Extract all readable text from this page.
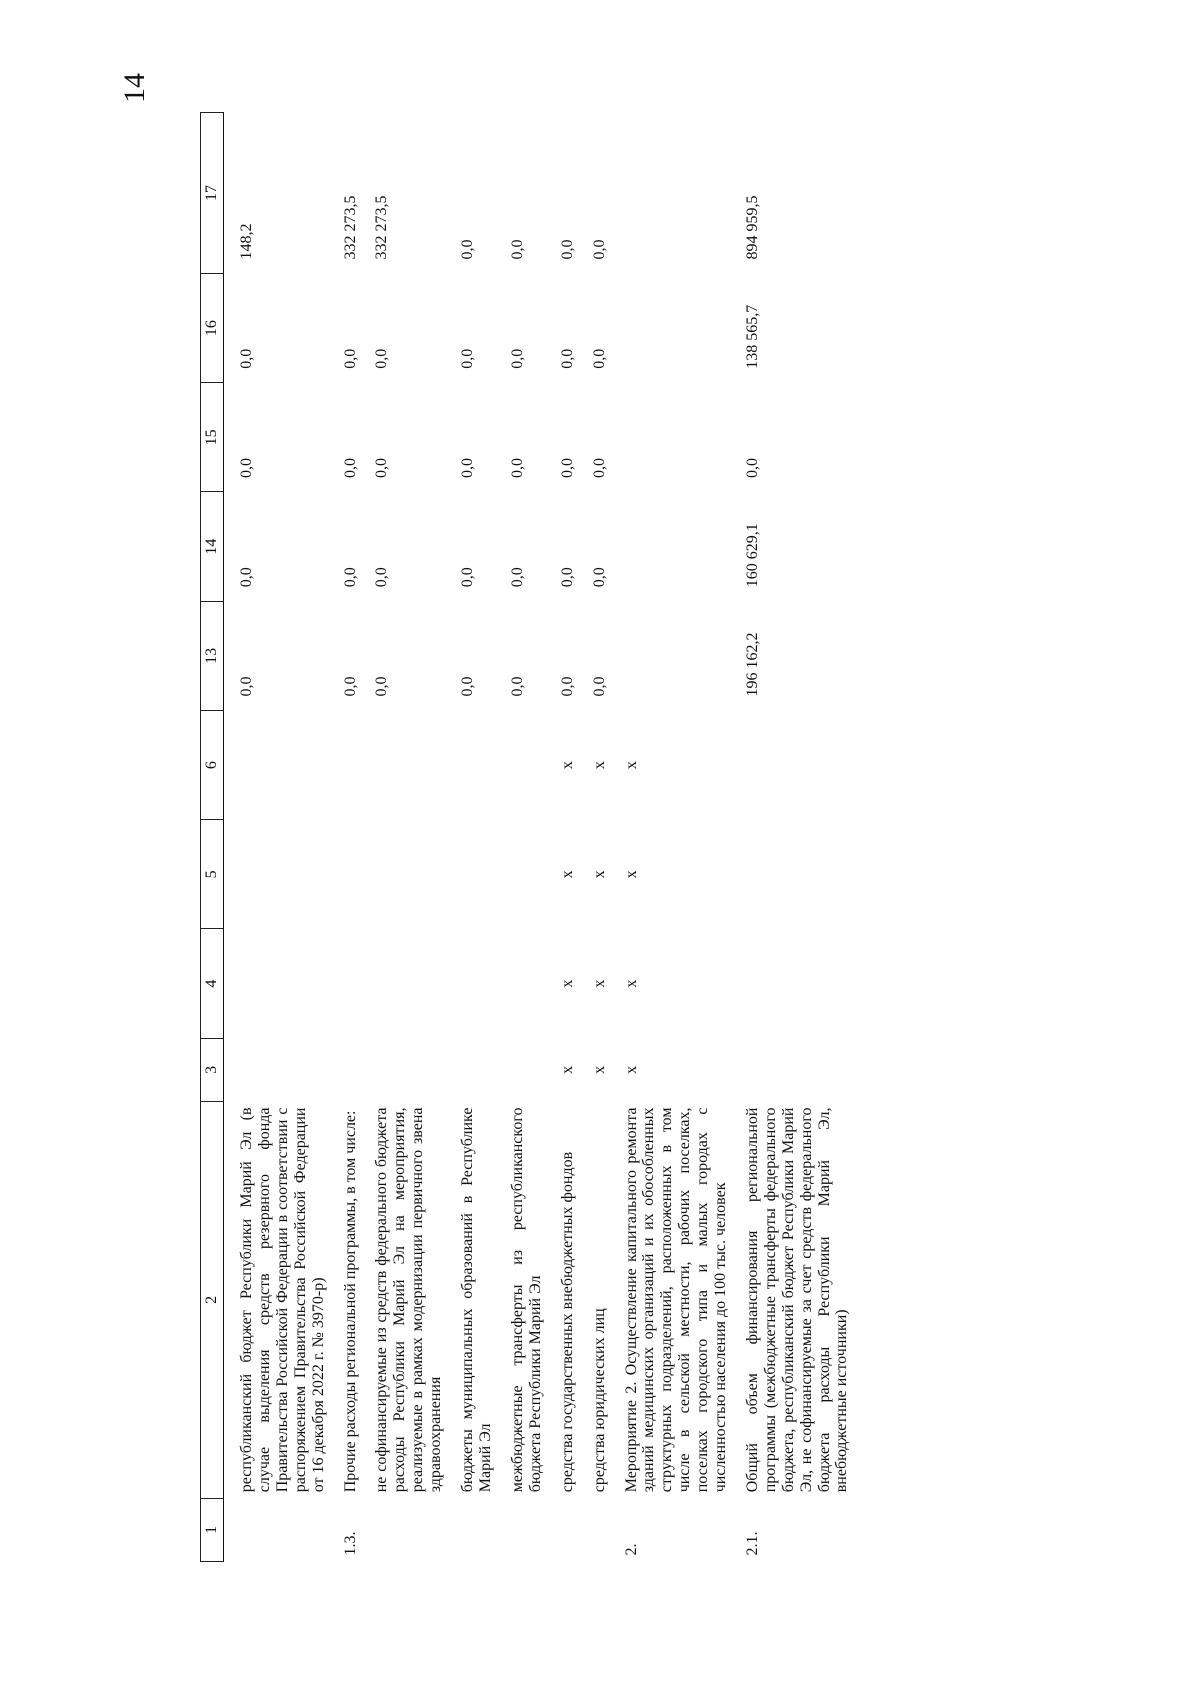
14
1	2	3	4	5	6	13	14	15	16	17

	республиканский бюджет Республики Марий Эл (в случае выделения средств резервного фонда Правительства Российской Федерации в соответствии с распоряжением Правительства Российской Федерации от 16 декабря 2022 г. № 3970-р)					0,0	0,0	0,0	0,0	148,2

1.3.	Прочие расходы региональной программы, в том числе:					0,0	0,0	0,0	0,0	332 273,5

	не софинансируемые из средств федерального бюджета расходы Республики Марий Эл на мероприятия, реализуемые в рамках модернизации первичного звена здравоохранения					0,0	0,0	0,0	0,0	332 273,5

	бюджеты муниципальных образований в Республике Марий Эл					0,0	0,0	0,0	0,0	0,0

	межбюджетные трансферты из республиканского бюджета Республики Марий Эл					0,0	0,0	0,0	0,0	0,0

	средства государственных внебюджетных фондов	x	x	x	x	0,0	0,0	0,0	0,0	0,0

	средства юридических лиц	x	x	x	x	0,0	0,0	0,0	0,0	0,0

2.	Мероприятие 2. Осуществление капитального ремонта зданий медицинских организаций и их обособленных структурных подразделений, расположенных в том числе в сельской местности, рабочих поселках, поселках городского типа и малых городах с численностью населения до 100 тыс. человек	x	x	x	x					

2.1.	Общий объем финансирования региональной программы (межбюджетные трансферты федерального бюджета, республиканский бюджет Республики Марий Эл, не софинансируемые за счет средств федерального бюджета расходы Республики Марий Эл, внебюджетные источники)					196 162,2	160 629,1	0,0	138 565,7	894 959,5
